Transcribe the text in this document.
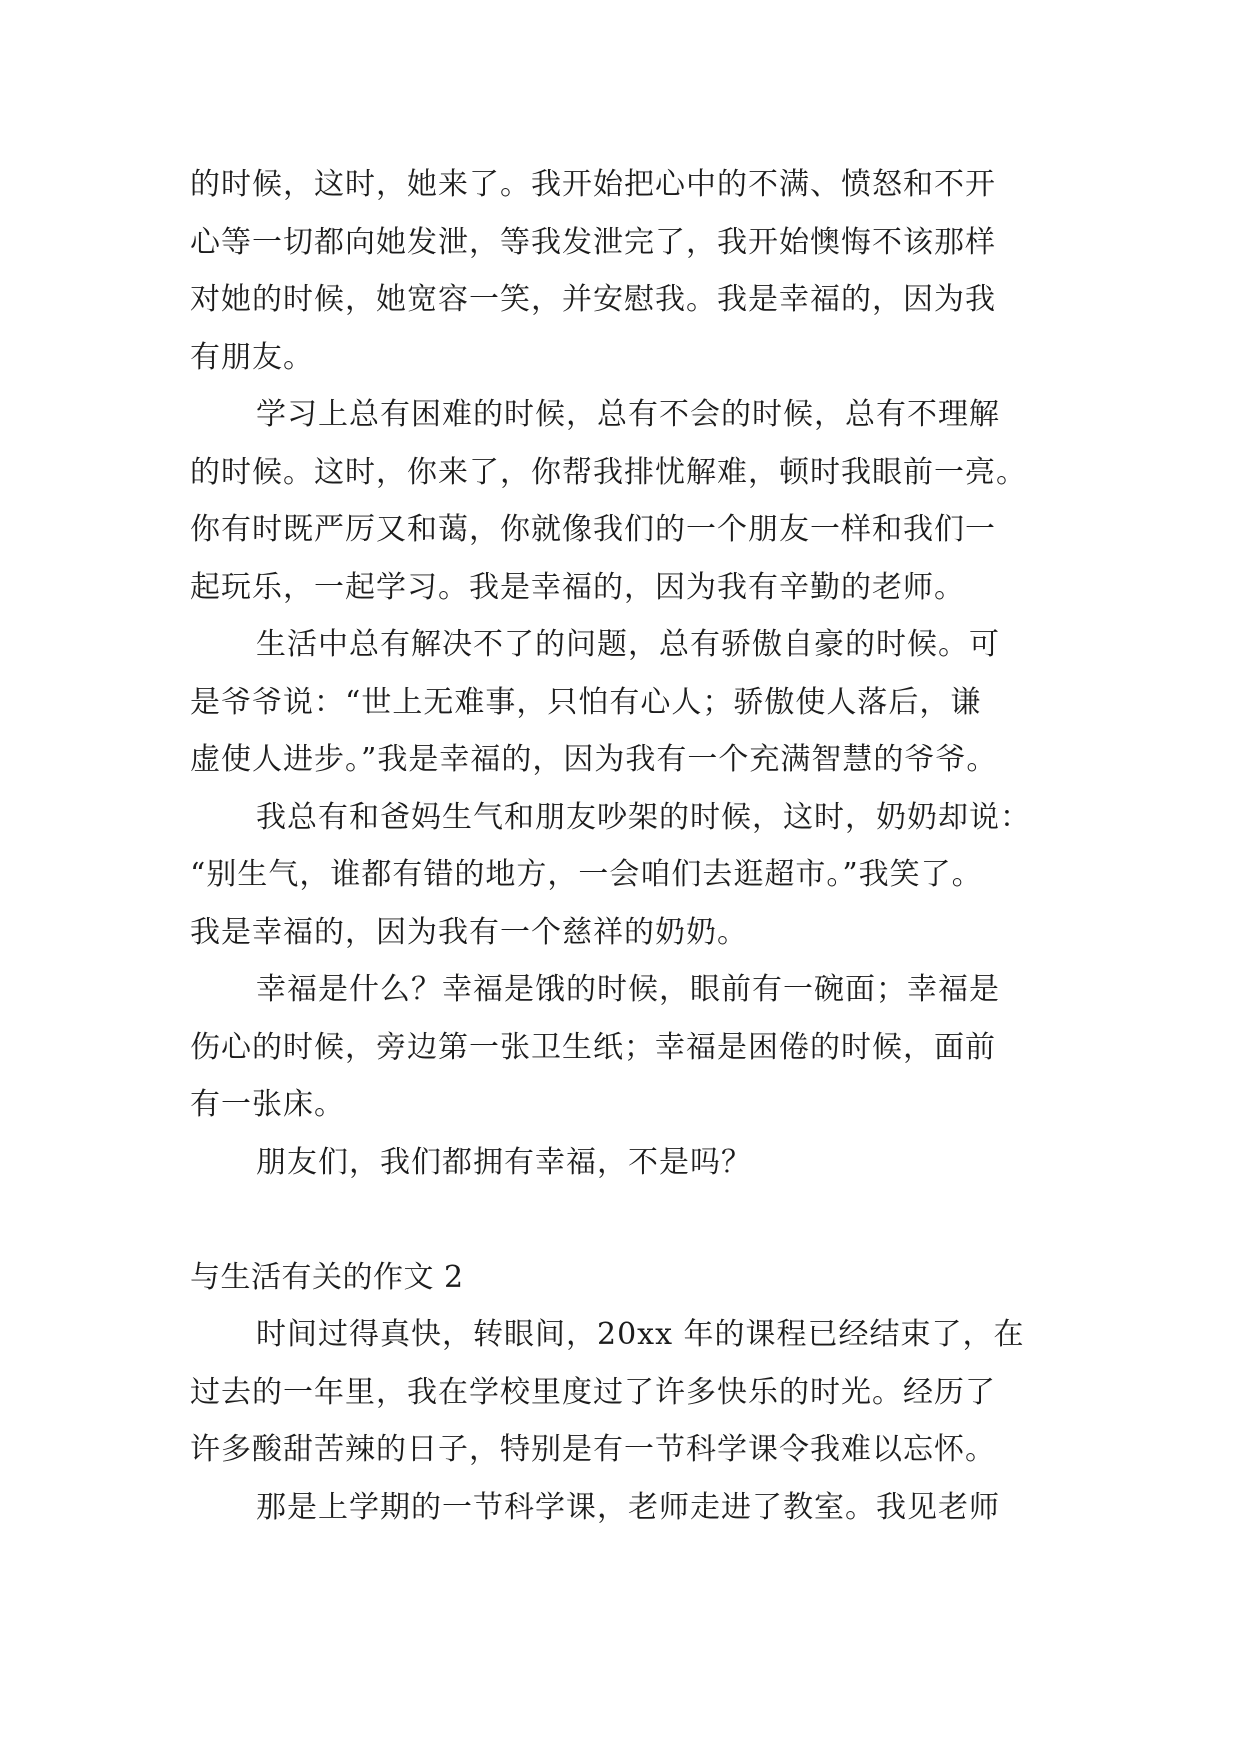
的时候，这时，她来了。我开始把心中的不满、愤怒和不开
心等一切都向她发泄，等我发泄完了，我开始懊悔不该那样
对她的时候，她宽容一笑，并安慰我。我是幸福的，因为我
有朋友。
学习上总有困难的时候，总有不会的时候，总有不理解
的时候。这时，你来了，你帮我排忧解难，顿时我眼前一亮。
你有时既严厉又和蔼，你就像我们的一个朋友一样和我们一
起玩乐，一起学习。我是幸福的，因为我有辛勤的老师。
生活中总有解决不了的问题，总有骄傲自豪的时候。可
是爷爷说：“世上无难事，只怕有心人；骄傲使人落后，谦
虚使人进步。”我是幸福的，因为我有一个充满智慧的爷爷。
我总有和爸妈生气和朋友吵架的时候，这时，奶奶却说：
“别生气，谁都有错的地方，一会咱们去逛超市。”我笑了。
我是幸福的，因为我有一个慈祥的奶奶。
幸福是什么？幸福是饿的时候，眼前有一碗面；幸福是
伤心的时候，旁边第一张卫生纸；幸福是困倦的时候，面前
有一张床。
朋友们，我们都拥有幸福，不是吗？
与生活有关的作文 2
时间过得真快，转眼间，20xx 年的课程已经结束了，在
过去的一年里，我在学校里度过了许多快乐的时光。经历了
许多酸甜苦辣的日子，特别是有一节科学课令我难以忘怀。
那是上学期的一节科学课，老师走进了教室。我见老师
